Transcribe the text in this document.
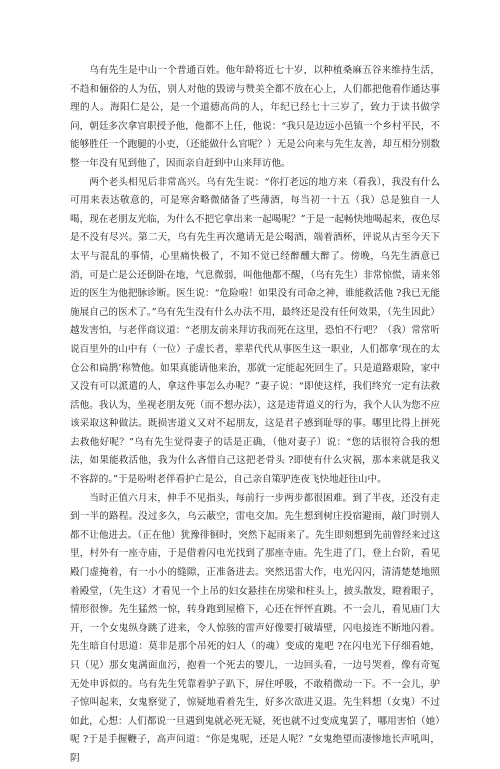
乌有先生是中山一个普通百姓。他年龄将近七十岁，以种植桑麻五谷来维持生活，不趋和俪俗的人为伍，别人对他的毁谤与赞美全都不放在心上，人们都把他看作通达事理的人。海阳仁是公，是一个道德高尚的人，年纪已经七十三岁了，致力于读书做学问，朝廷多次拿官职授予他，他都不上任，他说：“我只是边远小邑镇一个乡村平民，不能够胜任一个跑腿的小吏，（还能做什么官呢？）无是公向来与先生友善，却互相分别数整一年没有见到他了，因而亲自赶到中山来拜访他。

两个老头相见后非常高兴。乌有先生说：“你打老远的地方来（看我），我没有什么可用来表达敬意的，可是寒舍略微储备了些薄酒，每当初一十五（我）总是独自一人喝，现在老朋友光临，为什么不把它拿出来一起喝呢？”于是一起畅快地喝起来，夜色尽是不没有尽兴。第二天，乌有先生再次邀请无是公喝酒，端着酒杯，评说从古至今天下太平与混乱的事情，心里痛快极了，不知不觉已经醉醺大醉了。傍晚，乌先生酒意已消，可是亡是公还倒卧在地，气息微弱，叫他他都不醒，（乌有先生）非常惊慌，请来邻近的医生为他把脉诊断。医生说：“危险啦！如果没有司命之神，谁能救活他 ?我已无能施展自己的医术了。”乌有先生没有什么办法不用，最终还是没有任何效果，（先生因此）越发害怕，与老伴商议道：“老朋友前来拜访我而死在这里，恐怕不行吧？（我）常常听说百里外的山中有（一位）子虚长者，辈辈代代从事医生这一职业，人们都拿‘现在的太仓公和扁鹊’称赞他。如果真能请他来治，那就一定能起死回生了。只是道路艰险，家中又没有可以派遣的人，拿这件事怎么办呢？”妻子说：“即使这样，我们终究一定有法救活他。我认为，坐视老朋友死（而不想办法），这是违背道义的行为，我个人认为您不应该采取这种做法。既损害道义又对不起朋友，这是君子感到耻辱的事。哪里比得上拼死去救他好呢？”乌有先生觉得妻子的话是正确，（他对妻子）说：“您的话很符合我的想法，如果能救活他，我为什么吝惜自己这把老骨头 ?即使有什么灾祸，那本来就是我义不容辞的。”于是吩咐老伴看护亡是公，自己亲自策驴连夜飞快地赶往山中。

当时正值六月末，伸手不见指头，每前行一步两步都很困难。到了半夜，还没有走到一半的路程。没过多久，乌云蔽空，雷电交加。先生想到树庄投宿避雨，敲门时别人都不让他进去。（正在他）犹豫徘徊时，突然下起雨来了。先生即刻想到先前曾经来过这里，村外有一座寺庙，于是借着闪电光找到了那座寺庙。先生进了门，登上台阶，看见殿门虚掩着，有一小小的缝隙，正准备进去。突然迅雷大作，电光闪闪，清清楚楚地照着殿堂，（先生这）才看见一个上吊的妇女悬挂在房梁和柱头上，披头散发，瞪着眼子，情形很惨。先生猛然一惊，转身跑到屋檐下，心还在怦怦直跳。不一会儿，看见庙门大开，一个女鬼纵身跳了进来，令人惊骇的雷声好像要打破墙壁，闪电接连不断地闪着。先生暗自付思道：莫非是那个吊死的妇人（的魂）变成的鬼吧 ?在闪电光下仔细看她，只（见）那女鬼满面血污，抱着一个死去的婴儿，一边回头看，一边号哭着，像有奇冤无处申诉似的。乌有先生凭靠着驴子趴下，屏住呼吸，不敢稍微动一下。不一会儿，驴子惊叫起来，女鬼察觉了，惊疑地看着先生，好多次欲进又退。先生料想（女鬼）不过如此，心想：人们都说一旦遇到鬼就必死无疑，死也就不过变成鬼罢了，哪用害怕（她）呢 ?于是手握鞭子，高声问道：“你是鬼呢，还是人呢？”女鬼绝望而凄惨地长声吼叫，阴
